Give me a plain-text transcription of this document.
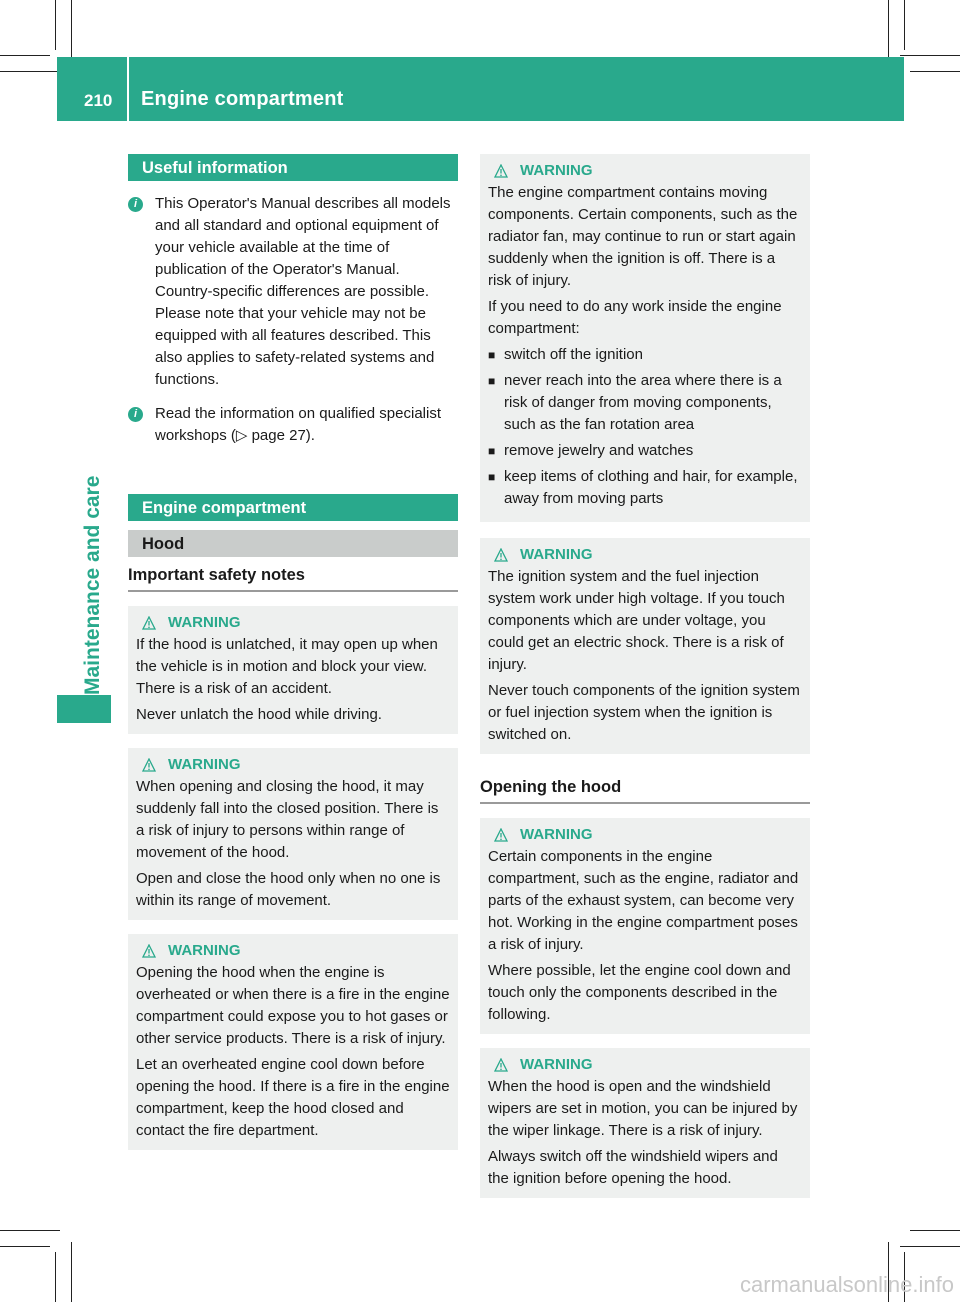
210 Engine compartment
Maintenance and care
Useful information
i	This Operator's Manual describes all models and all standard and optional equipment of your vehicle available at the time of publication of the Operator's Manual. Country-specific differences are possible. Please note that your vehicle may not be equipped with all features described. This also applies to safety-related systems and functions.
i	Read the information on qualified specialist workshops (▷ page 27).
Engine compartment
Hood
Important safety notes
WARNING

If the hood is unlatched, it may open up when the vehicle is in motion and block your view. There is a risk of an accident.

Never unlatch the hood while driving.

WARNING

When opening and closing the hood, it may suddenly fall into the closed position. There is a risk of injury to persons within range of movement of the hood.

Open and close the hood only when no one is within its range of movement.

WARNING

Opening the hood when the engine is overheated or when there is a fire in the engine compartment could expose you to hot gases or other service products. There is a risk of injury.

Let an overheated engine cool down before opening the hood. If there is a fire in the engine compartment, keep the hood closed and contact the fire department.

WARNING

The engine compartment contains moving components. Certain components, such as the radiator fan, may continue to run or start again suddenly when the ignition is off. There is a risk of injury.

If you need to do any work inside the engine compartment:

■ switch off the ignition
■ never reach into the area where there is a risk of danger from moving components, such as the fan rotation area
■ remove jewelry and watches
■ keep items of clothing and hair, for example, away from moving parts
WARNING

The ignition system and the fuel injection system work under high voltage. If you touch components which are under voltage, you could get an electric shock. There is a risk of injury.

Never touch components of the ignition system or fuel injection system when the ignition is switched on.

Opening the hood
WARNING

Certain components in the engine compartment, such as the engine, radiator and parts of the exhaust system, can become very hot. Working in the engine compartment poses a risk of injury.

Where possible, let the engine cool down and touch only the components described in the following.

WARNING

When the hood is open and the windshield wipers are set in motion, you can be injured by the wiper linkage. There is a risk of injury.

Always switch off the windshield wipers and the ignition before opening the hood.

carmanualsonline.info
